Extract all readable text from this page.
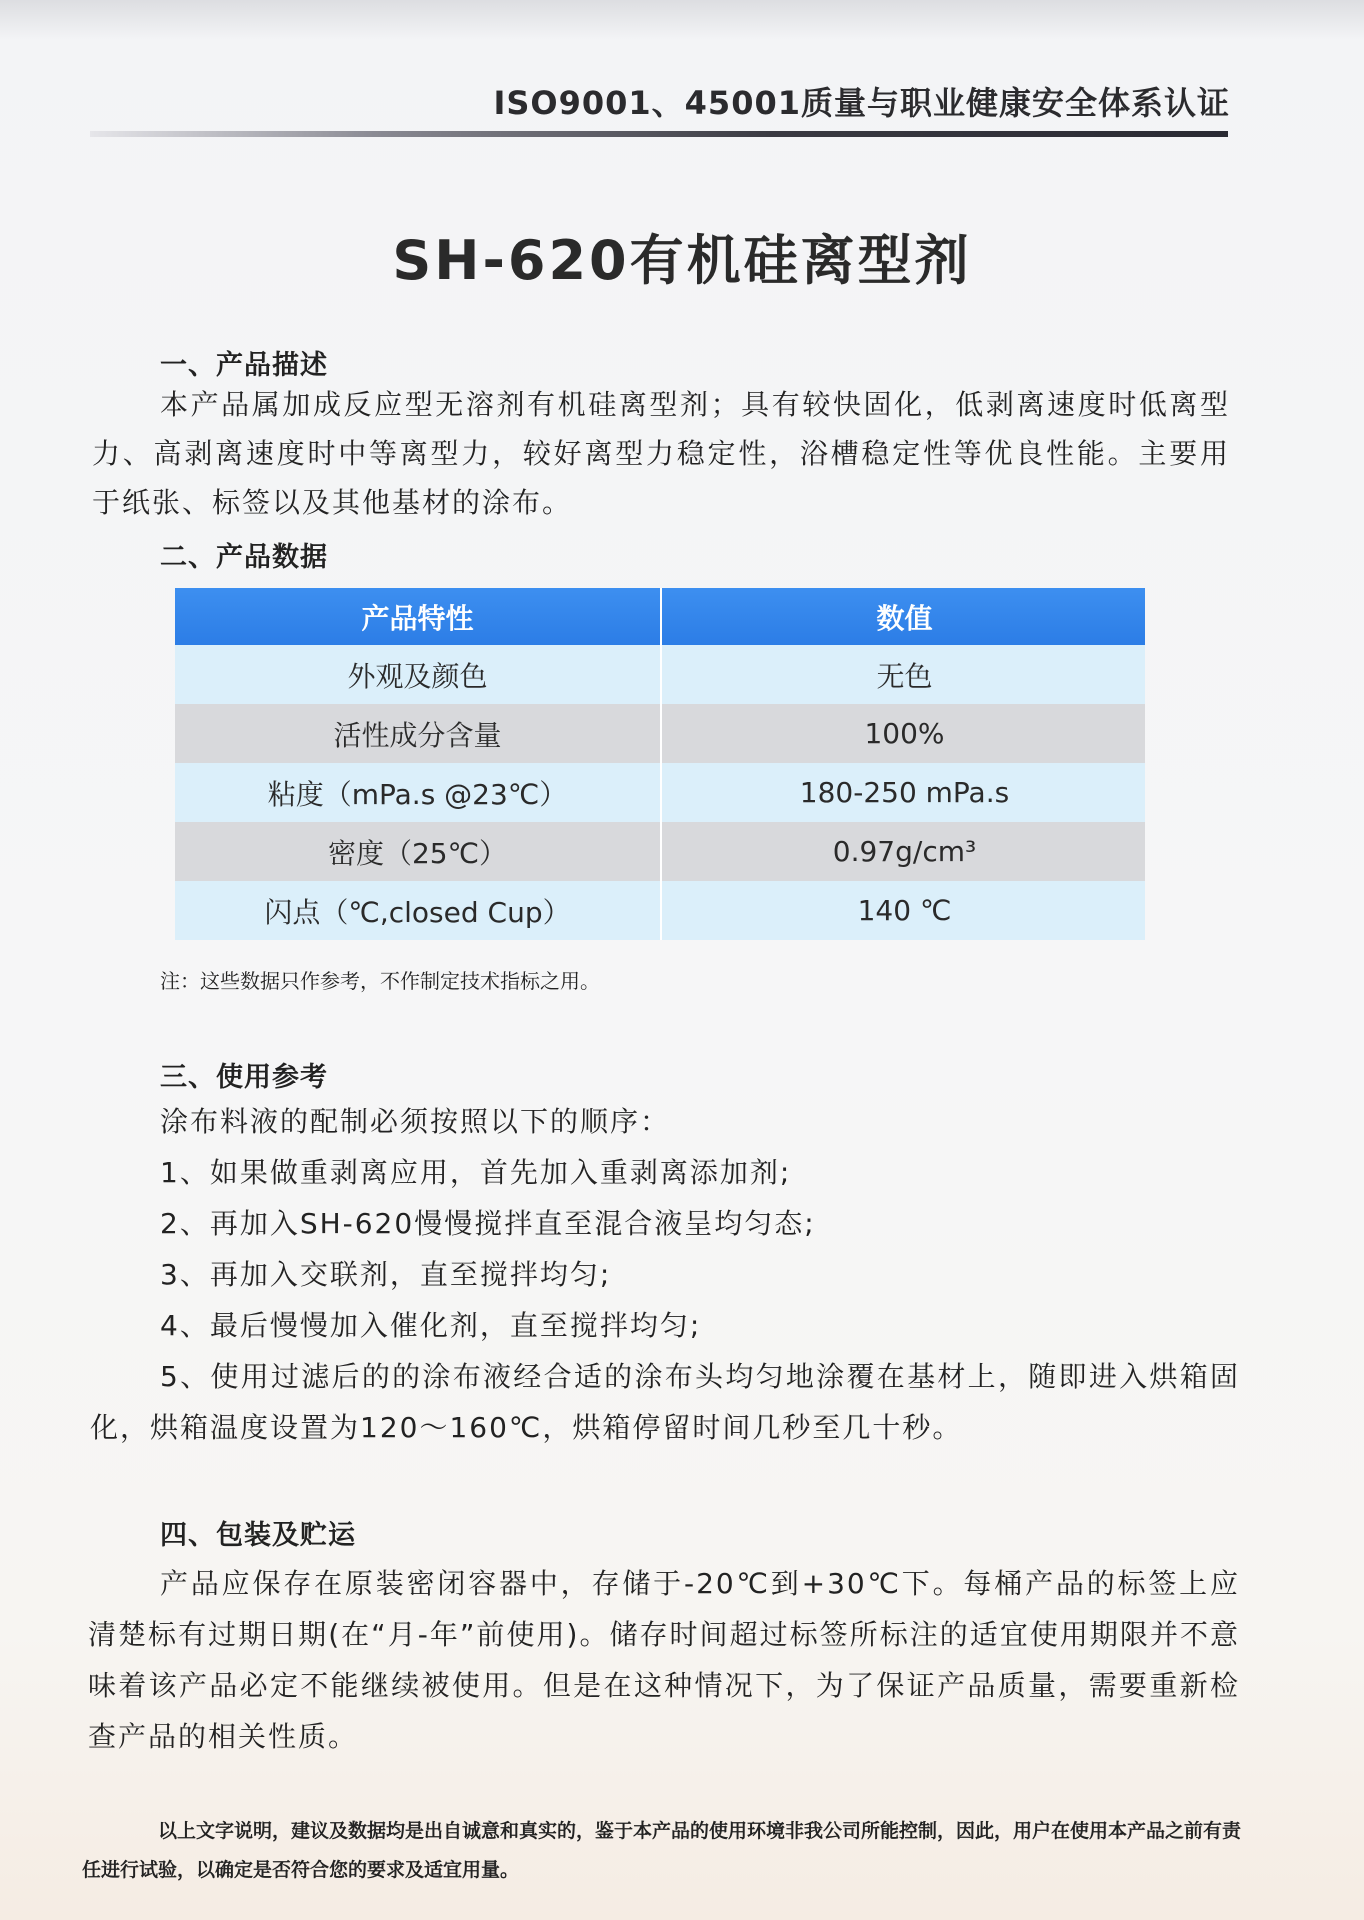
ISO9001、45001质量与职业健康安全体系认证
SH-620有机硅离型剂
一、产品描述

本产品属加成反应型无溶剂有机硅离型剂；具有较快固化，低剥离速度时低离型力、高剥离速度时中等离型力，较好离型力稳定性，浴槽稳定性等优良性能。主要用于纸张、标签以及其他基材的涂布。

二、产品数据
产品特性	数值
外观及颜色	无色
活性成分含量	100%
粘度（mPa.s @23℃）	180-250 mPa.s
密度（25℃）	0.97g/cm³
闪点（℃,closed Cup）	140 ℃
注：这些数据只作参考，不作制定技术指标之用。
三、使用参考

涂布料液的配制必须按照以下的顺序：

1、如果做重剥离应用，首先加入重剥离添加剂;

2、再加入SH-620慢慢搅拌直至混合液呈均匀态;

3、再加入交联剂，直至搅拌均匀;

4、最后慢慢加入催化剂，直至搅拌均匀;

5、使用过滤后的的涂布液经合适的涂布头均匀地涂覆在基材上，随即进入烘箱固化，烘箱温度设置为120～160℃，烘箱停留时间几秒至几十秒。

四、包装及贮运

产品应保存在原装密闭容器中，存储于-20℃到+30℃下。每桶产品的标签上应清楚标有过期日期(在“月-年”前使用)。储存时间超过标签所标注的适宜使用期限并不意味着该产品必定不能继续被使用。但是在这种情况下，为了保证产品质量，需要重新检查产品的相关性质。

以上文字说明，建议及数据均是出自诚意和真实的，鉴于本产品的使用环境非我公司所能控制，因此，用户在使用本产品之前有责任进行试验，以确定是否符合您的要求及适宜用量。
